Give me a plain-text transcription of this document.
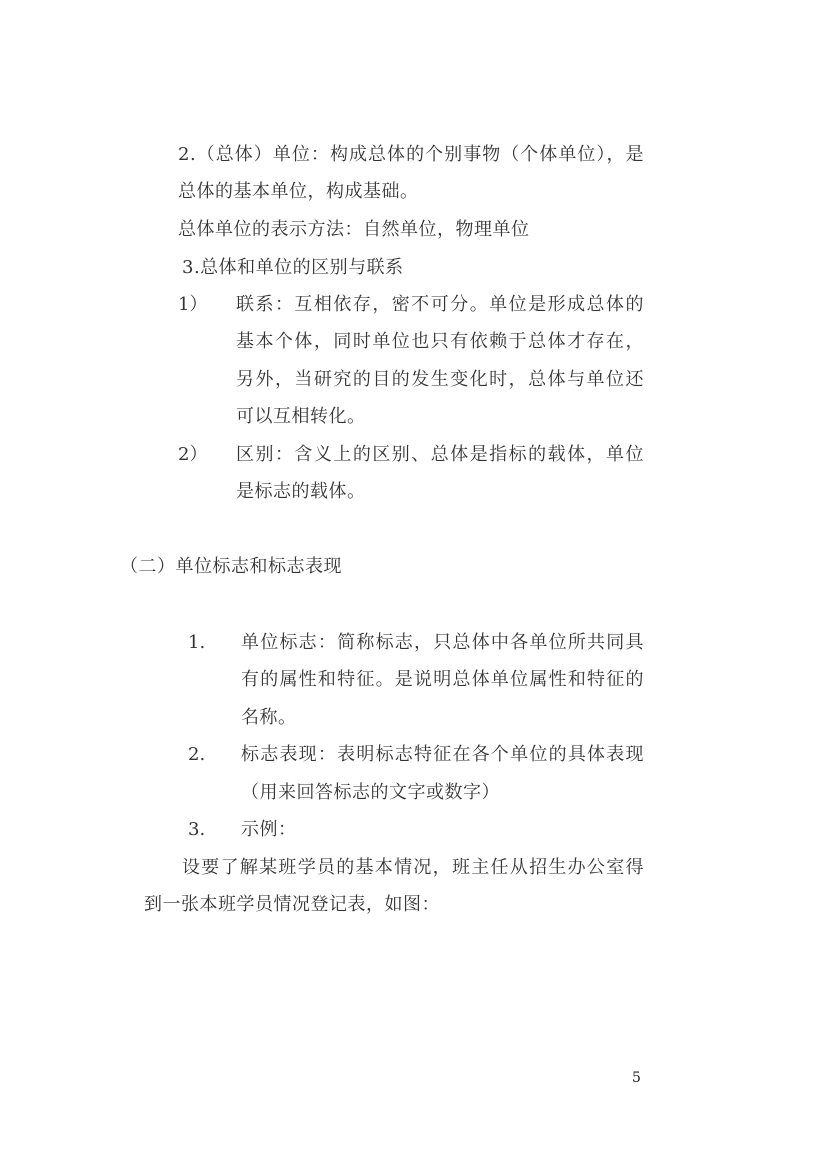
2.（总体）单位：构成总体的个别事物（个体单位），是
总体的基本单位，构成基础。
总体单位的表示方法：自然单位，物理单位
3.总体和单位的区别与联系
1） 联系：互相依存，密不可分。单位是形成总体的
基本个体，同时单位也只有依赖于总体才存在，
另外，当研究的目的发生变化时，总体与单位还
可以互相转化。
2） 区别：含义上的区别、总体是指标的载体，单位
是标志的载体。
（二）单位标志和标志表现
1. 单位标志：简称标志，只总体中各单位所共同具
有的属性和特征。是说明总体单位属性和特征的
名称。
2. 标志表现：表明标志特征在各个单位的具体表现
（用来回答标志的文字或数字）
3. 示例：
设要了解某班学员的基本情况，班主任从招生办公室得
到一张本班学员情况登记表，如图：
5
